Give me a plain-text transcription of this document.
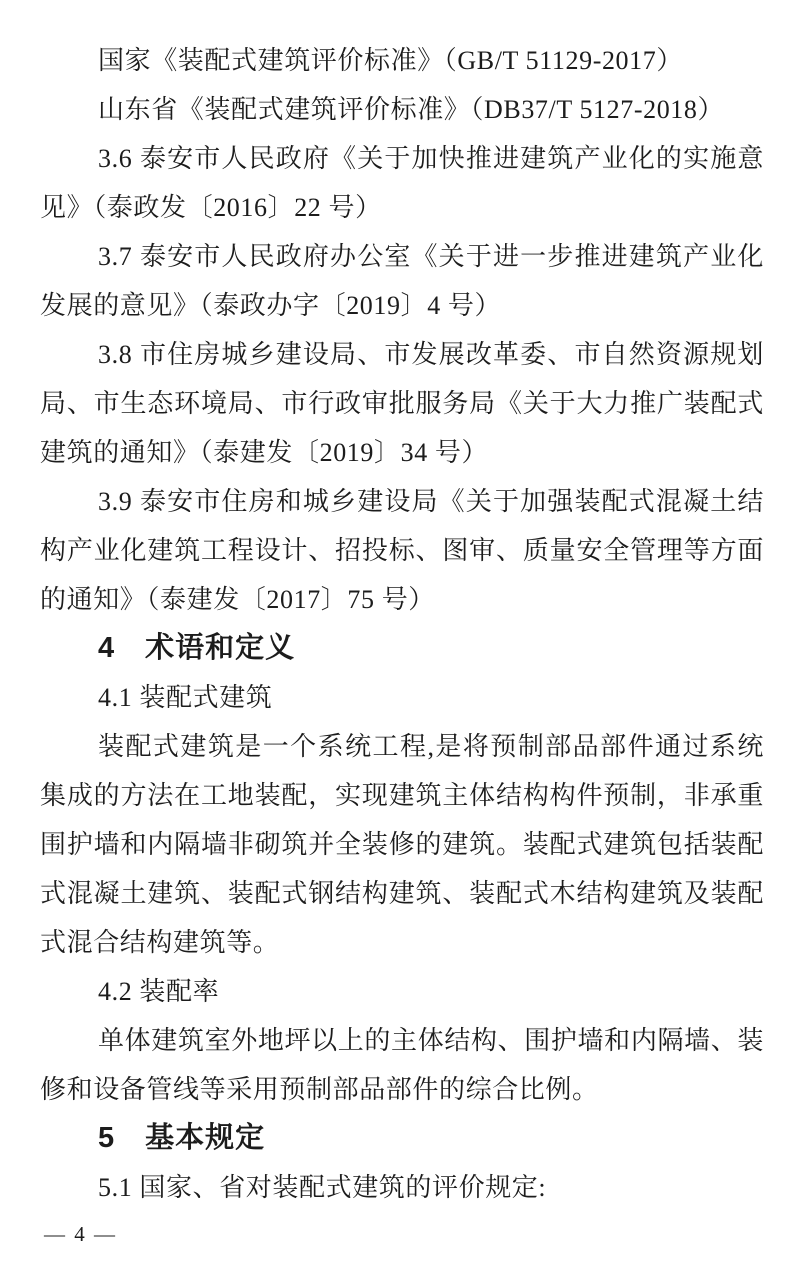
国家《装配式建筑评价标准》（GB/T 51129-2017）
山东省《装配式建筑评价标准》（DB37/T 5127-2018）
3.6 泰安市人民政府《关于加快推进建筑产业化的实施意
见》（泰政发〔2016〕22 号）
3.7 泰安市人民政府办公室《关于进一步推进建筑产业化
发展的意见》（泰政办字〔2019〕4 号）
3.8 市住房城乡建设局、市发展改革委、市自然资源规划
局、市生态环境局、市行政审批服务局《关于大力推广装配式
建筑的通知》（泰建发〔2019〕34 号）
3.9 泰安市住房和城乡建设局《关于加强装配式混凝土结
构产业化建筑工程设计、招投标、图审、质量安全管理等方面
的通知》（泰建发〔2017〕75 号）
4　术语和定义
4.1 装配式建筑
装配式建筑是一个系统工程,是将预制部品部件通过系统
集成的方法在工地装配，实现建筑主体结构构件预制，非承重
围护墙和内隔墙非砌筑并全装修的建筑。装配式建筑包括装配
式混凝土建筑、装配式钢结构建筑、装配式木结构建筑及装配
式混合结构建筑等。
4.2 装配率
单体建筑室外地坪以上的主体结构、围护墙和内隔墙、装
修和设备管线等采用预制部品部件的综合比例。
5　基本规定
5.1 国家、省对装配式建筑的评价规定:
— 4 —
